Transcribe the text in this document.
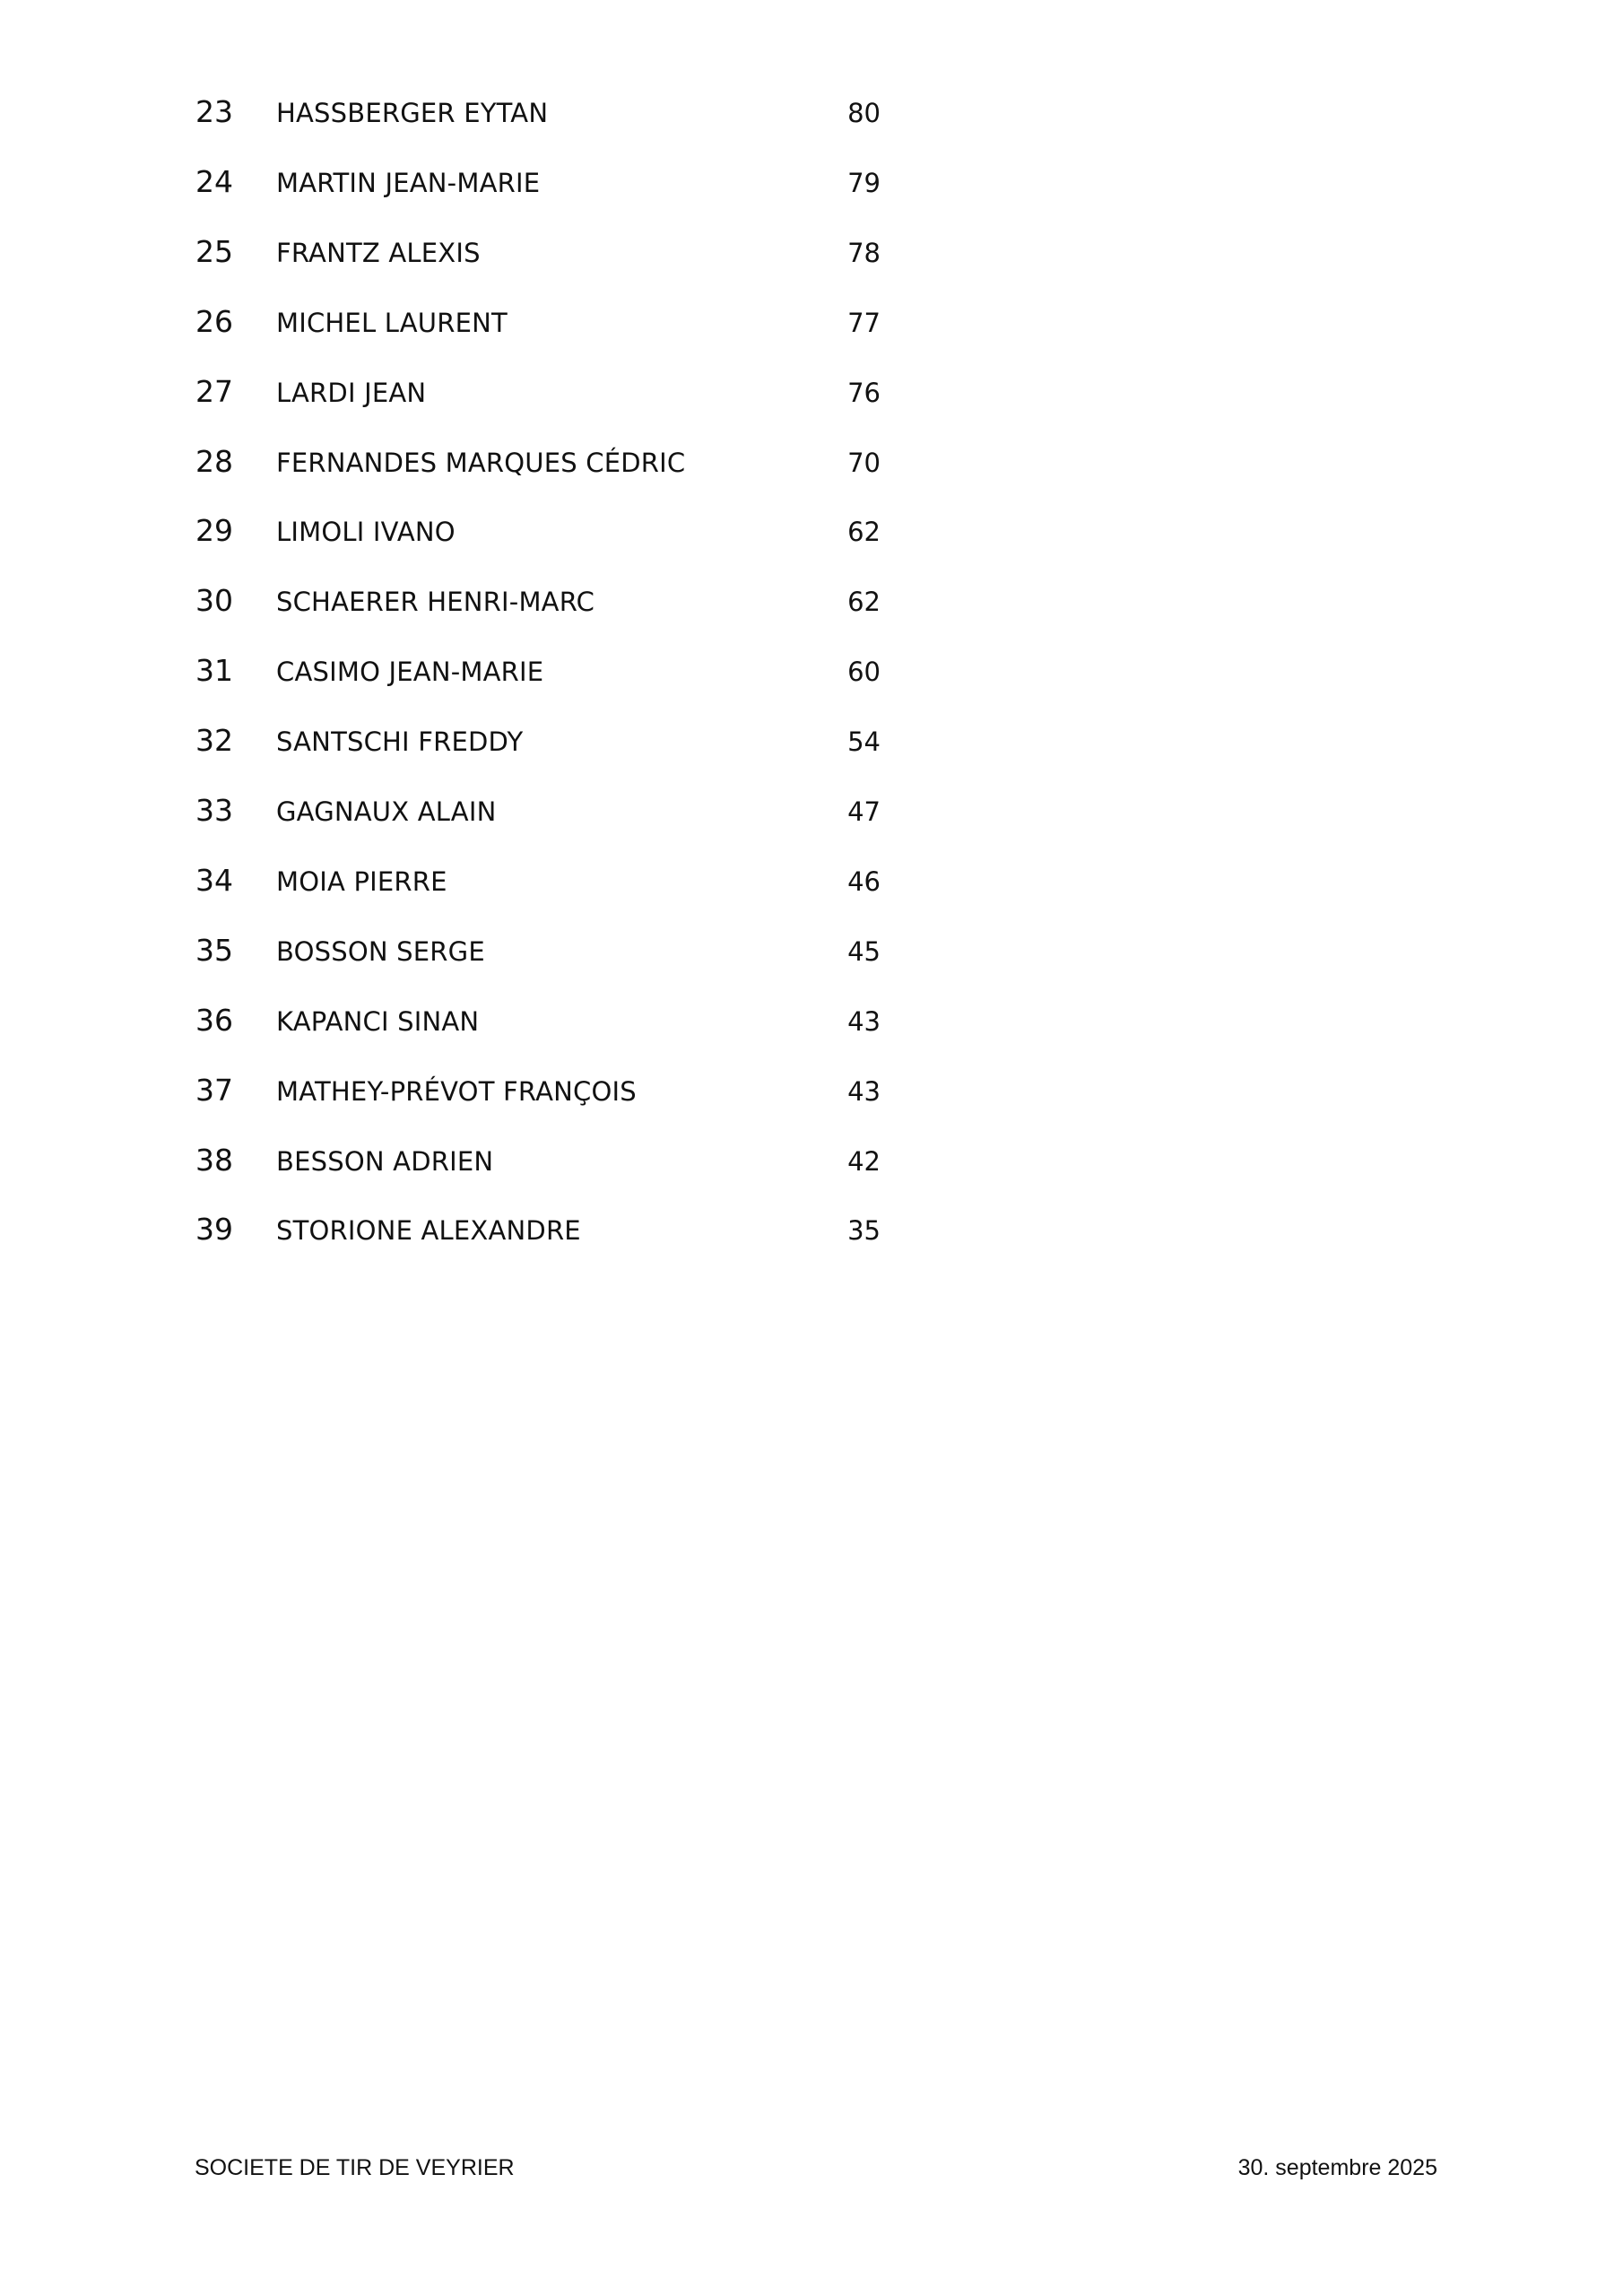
23 HASSBERGER EYTAN	80
24 MARTIN JEAN-MARIE	79
25 FRANTZ ALEXIS	78
26 MICHEL LAURENT	77
27 LARDI JEAN	76
28 FERNANDES MARQUES CÉDRIC	70
29 LIMOLI IVANO	62
30 SCHAERER HENRI-MARC	62
31 CASIMO JEAN-MARIE	60
32 SANTSCHI FREDDY	54
33 GAGNAUX ALAIN	47
34 MOIA PIERRE	46
35 BOSSON SERGE	45
36 KAPANCI SINAN	43
37 MATHEY-PRÉVOT FRANÇOIS	43
38 BESSON ADRIEN	42
39 STORIONE ALEXANDRE	35
SOCIETE DE TIR DE VEYRIER	30. septembre 2025
